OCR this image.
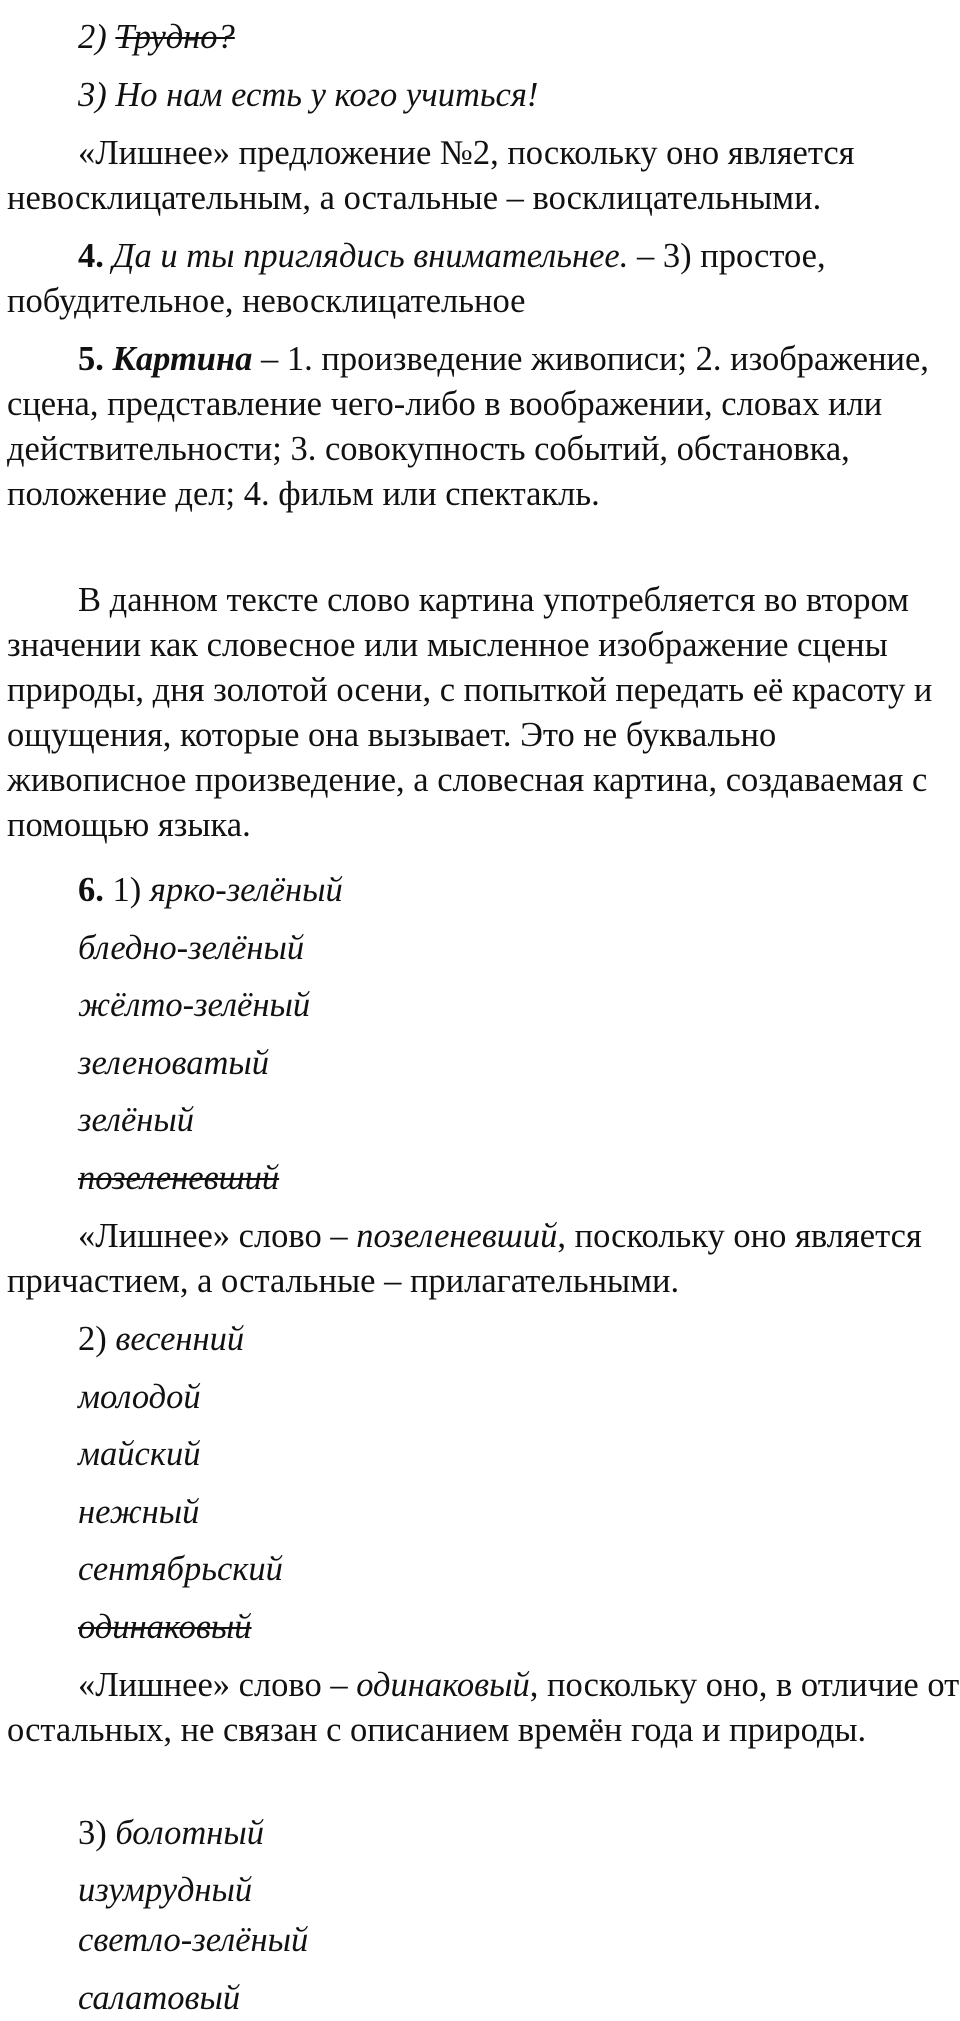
2) Трудно?

3) Но нам есть у кого учиться!

«Лишнее» предложение №2, поскольку оно является невосклицательным, а остальные – восклицательными.

4. Да и ты приглядись внимательнее. – 3) простое, побудительное, невосклицательное

5. Картина – 1. произведение живописи; 2. изображение, сцена, представление чего-либо в воображении, словах или действительности; 3. совокупность событий, обстановка, положение дел; 4. фильм или спектакль.

В данном тексте слово картина употребляется во втором значении как словесное или мысленное изображение сцены природы, дня золотой осени, с попыткой передать её красоту и ощущения, которые она вызывает. Это не буквально живописное произведение, а словесная картина, создаваемая с помощью языка.

6. 1) ярко-зелёный

бледно-зелёный

жёлто-зелёный

зеленоватый

зелёный

позеленевший

«Лишнее» слово – позеленевший, поскольку оно является причастием, а остальные – прилагательными.

2) весенний

молодой

майский

нежный

сентябрьский

одинаковый

«Лишнее» слово – одинаковый, поскольку оно, в отличие от остальных, не связан с описанием времён года и природы.

3) болотный

изумрудный

светло-зелёный

салатовый
